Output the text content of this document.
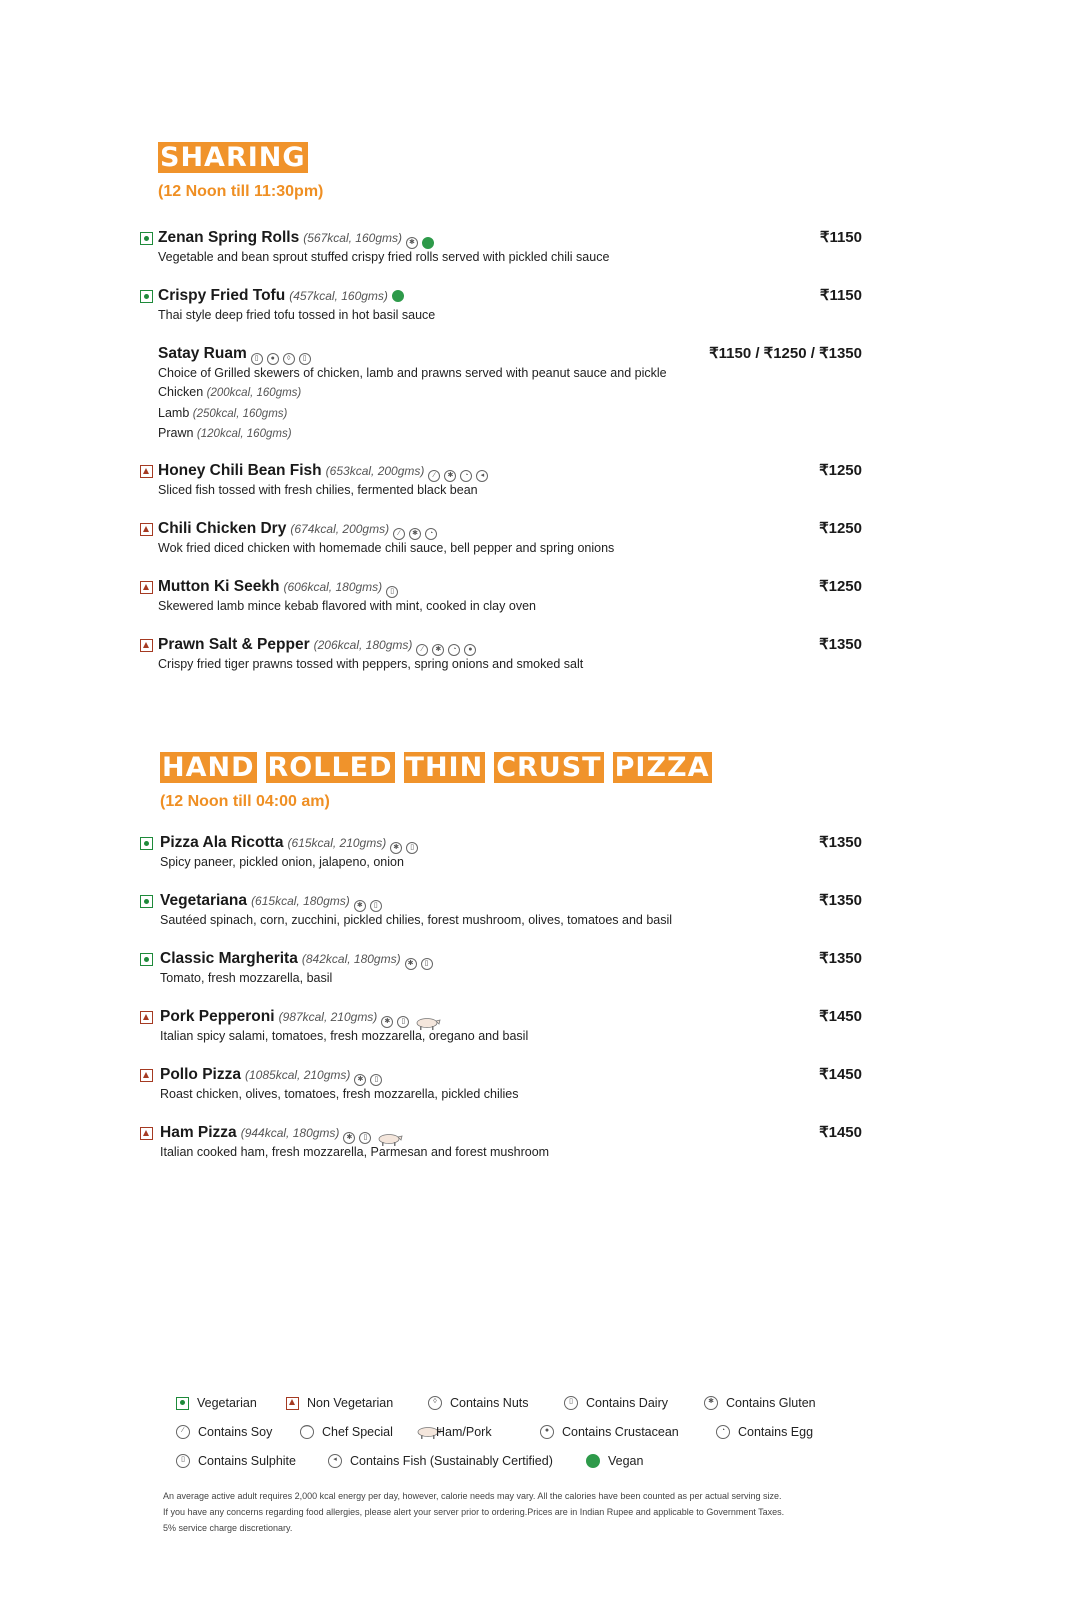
SHARING
(12 Noon till 11:30pm)
HAND ROLLED THIN CRUST PIZZA
(12 Noon till 04:00 am)
Zenan Spring Rolls (567kcal, 160gms)	✱	₹1150
Vegetable and bean sprout stuffed crispy fried rolls served with pickled chili sauce
Crispy Fried Tofu (457kcal, 160gms)	₹1150
Thai style deep fried tofu tossed in hot basil sauce
Satay Ruam	▯	●	◊	▯	₹1150 / ₹1250 / ₹1350
Choice of Grilled skewers of chicken, lamb and prawns served with peanut sauce and pickle
Chicken (200kcal, 160gms)
Lamb (250kcal, 160gms)
Prawn (120kcal, 160gms)
Honey Chili Bean Fish (653kcal, 200gms)	∕	✱	◔	◂	₹1250
Sliced fish tossed with fresh chilies, fermented black bean
Chili Chicken Dry (674kcal, 200gms)	∕	✱	◔	₹1250
Wok fried diced chicken with homemade chili sauce, bell pepper and spring onions
Mutton Ki Seekh (606kcal, 180gms)	▯	₹1250
Skewered lamb mince kebab flavored with mint, cooked in clay oven
Prawn Salt & Pepper (206kcal, 180gms)	∕	✱	◔	●	₹1350
Crispy fried tiger prawns tossed with peppers, spring onions and smoked salt
Pizza Ala Ricotta (615kcal, 210gms)	✱	▯	₹1350
Spicy paneer, pickled onion, jalapeno, onion
Vegetariana (615kcal, 180gms)	✱	▯	₹1350
Sautéed spinach, corn, zucchini, pickled chilies, forest mushroom, olives, tomatoes and basil
Classic Margherita (842kcal, 180gms)	✱	▯	₹1350
Tomato, fresh mozzarella, basil
Pork Pepperoni (987kcal, 210gms)	✱	▯	₹1450
Italian spicy salami, tomatoes, fresh mozzarella, oregano and basil
Pollo Pizza (1085kcal, 210gms)	✱	▯	₹1450
Roast chicken, olives, tomatoes, fresh mozzarella, pickled chilies
Ham Pizza (944kcal, 180gms)	✱	▯	₹1450
Italian cooked ham, fresh mozzarella, Parmesan and forest mushroom
Vegetarian	Non Vegetarian	◊	Contains Nuts	▯	Contains Dairy	✱ Contains Gluten
∕	Contains Soy	⌒ Chef Special	Ham/Pork	●	Contains Crustacean	◔	Contains Egg
▯	Contains Sulphite	◂	Contains Fish (Sustainably Certified)	Vegan
An average active adult requires 2,000 kcal energy per day, however, calorie needs may vary. All the calories have been counted as per actual serving size.
If you have any concerns regarding food allergies, please alert your server prior to ordering.Prices are in Indian Rupee and applicable to Government Taxes.
5% service charge discretionary.
